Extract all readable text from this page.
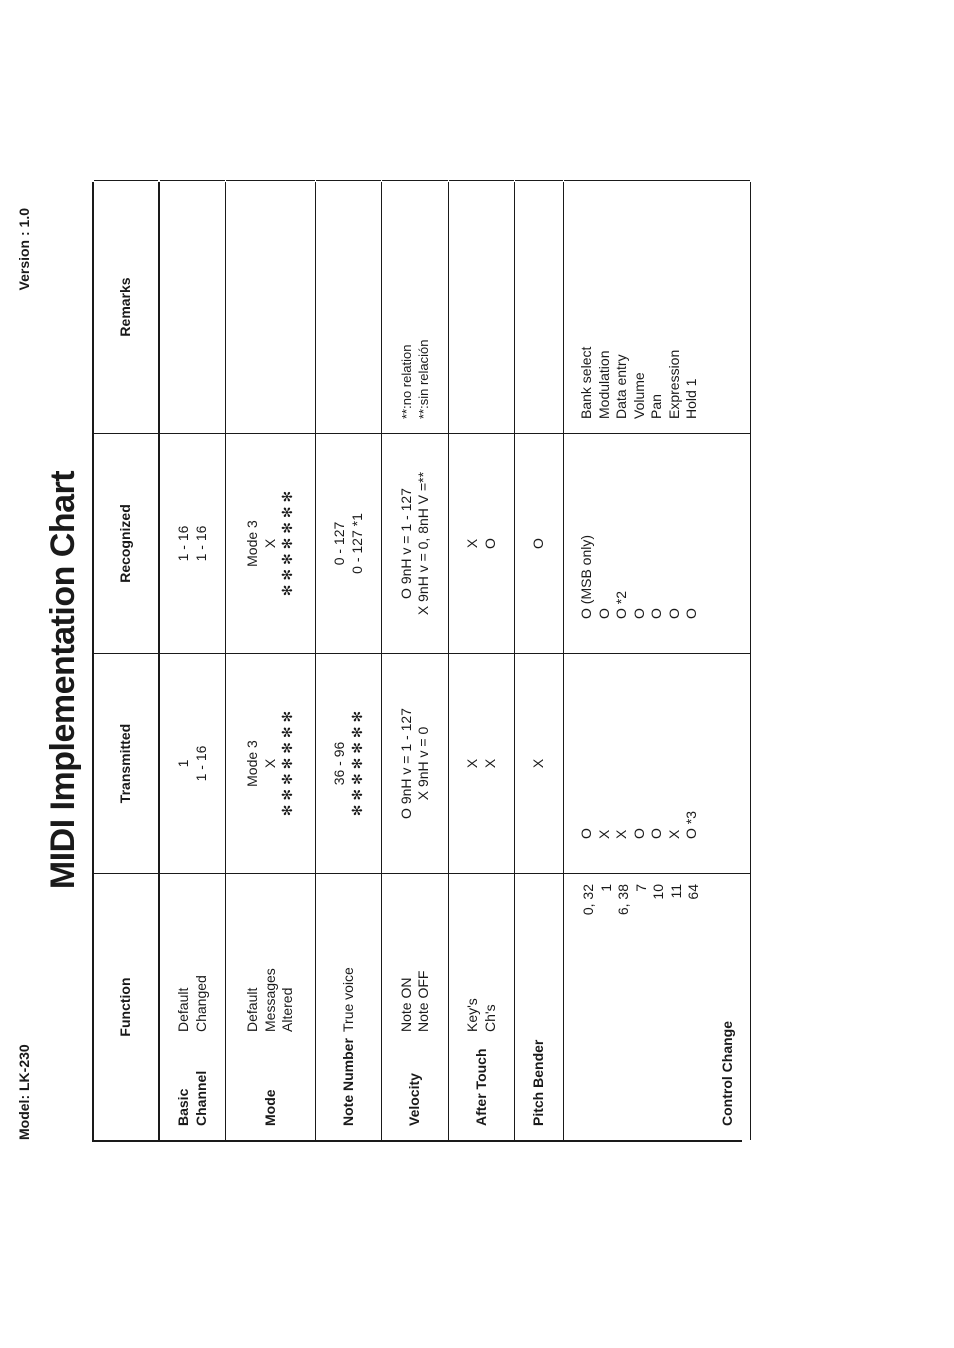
Model: LK-230
Version : 1.0
MIDI Implementation Chart
Function
Transmitted
Recognized
Remarks
Basic Channel
Default Changed
1 1 - 16
1 - 16 1 - 16
Mode
Default Messages Altered
Mode 3 X ✻ ✻ ✻ ✻ ✻ ✻ ✻
Mode 3 X ✻ ✻ ✻ ✻ ✻ ✻ ✻
Note Number
True voice
36 - 96 ✻ ✻ ✻ ✻ ✻ ✻ ✻
0 - 127 0 - 127 *1
Velocity
Note ON Note OFF
O 9nH v = 1 - 127 X 9nH v = 0
O 9nH v = 1 - 127 X 9nH v = 0, 8nH V =**
**:no relation **:sin relación
After Touch
Key's Ch's
X X
X O
Pitch Bender
X
O
Control Change
0, 32 1 6, 38 7 10 11 64
O X X O O X O *3
O (MSB only) O O *2 O O O O
Bank select Modulation Data entry Volume Pan Expression Hold 1
